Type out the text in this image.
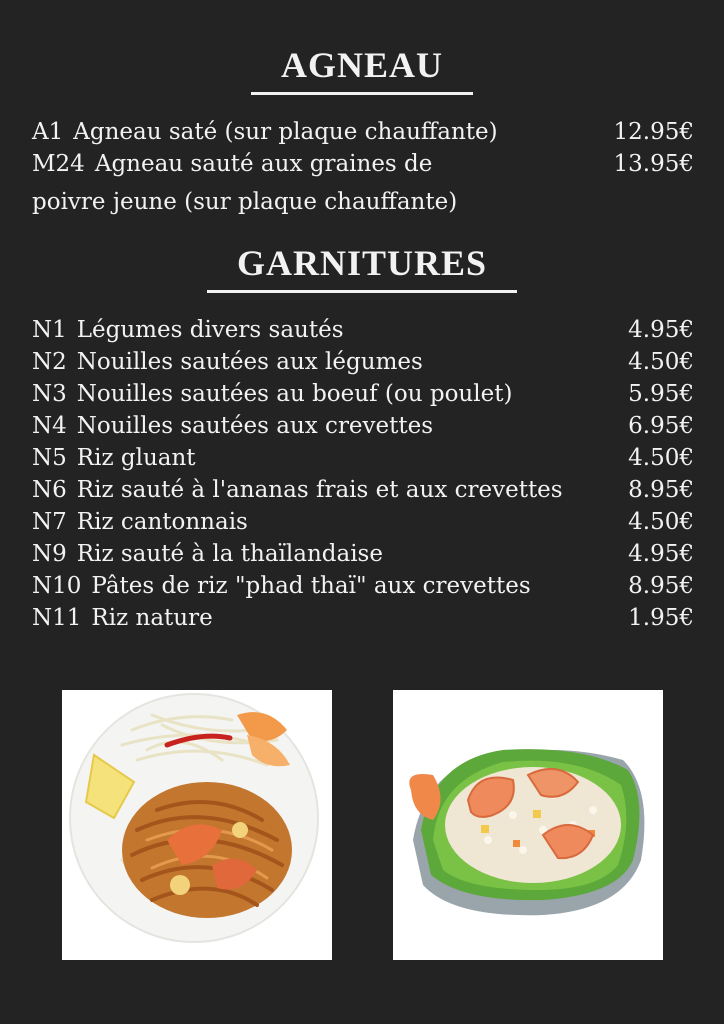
AGNEAU
A1 Agneau saté (sur plaque chauffante)	12.95€
M24 Agneau sauté aux graines de	13.95€
poivre jeune (sur plaque chauffante)
GARNITURES
N1 Légumes divers sautés	4.95€
N2 Nouilles sautées aux légumes	4.50€
N3 Nouilles sautées au boeuf (ou poulet)	5.95€
N4 Nouilles sautées aux crevettes	6.95€
N5 Riz gluant	4.50€
N6 Riz sauté à l'ananas frais et aux crevettes	8.95€
N7 Riz cantonnais	4.50€
N9 Riz sauté à la thaïlandaise	4.95€
N10 Pâtes de riz "phad thaï" aux crevettes	8.95€
N11 Riz nature	1.95€
